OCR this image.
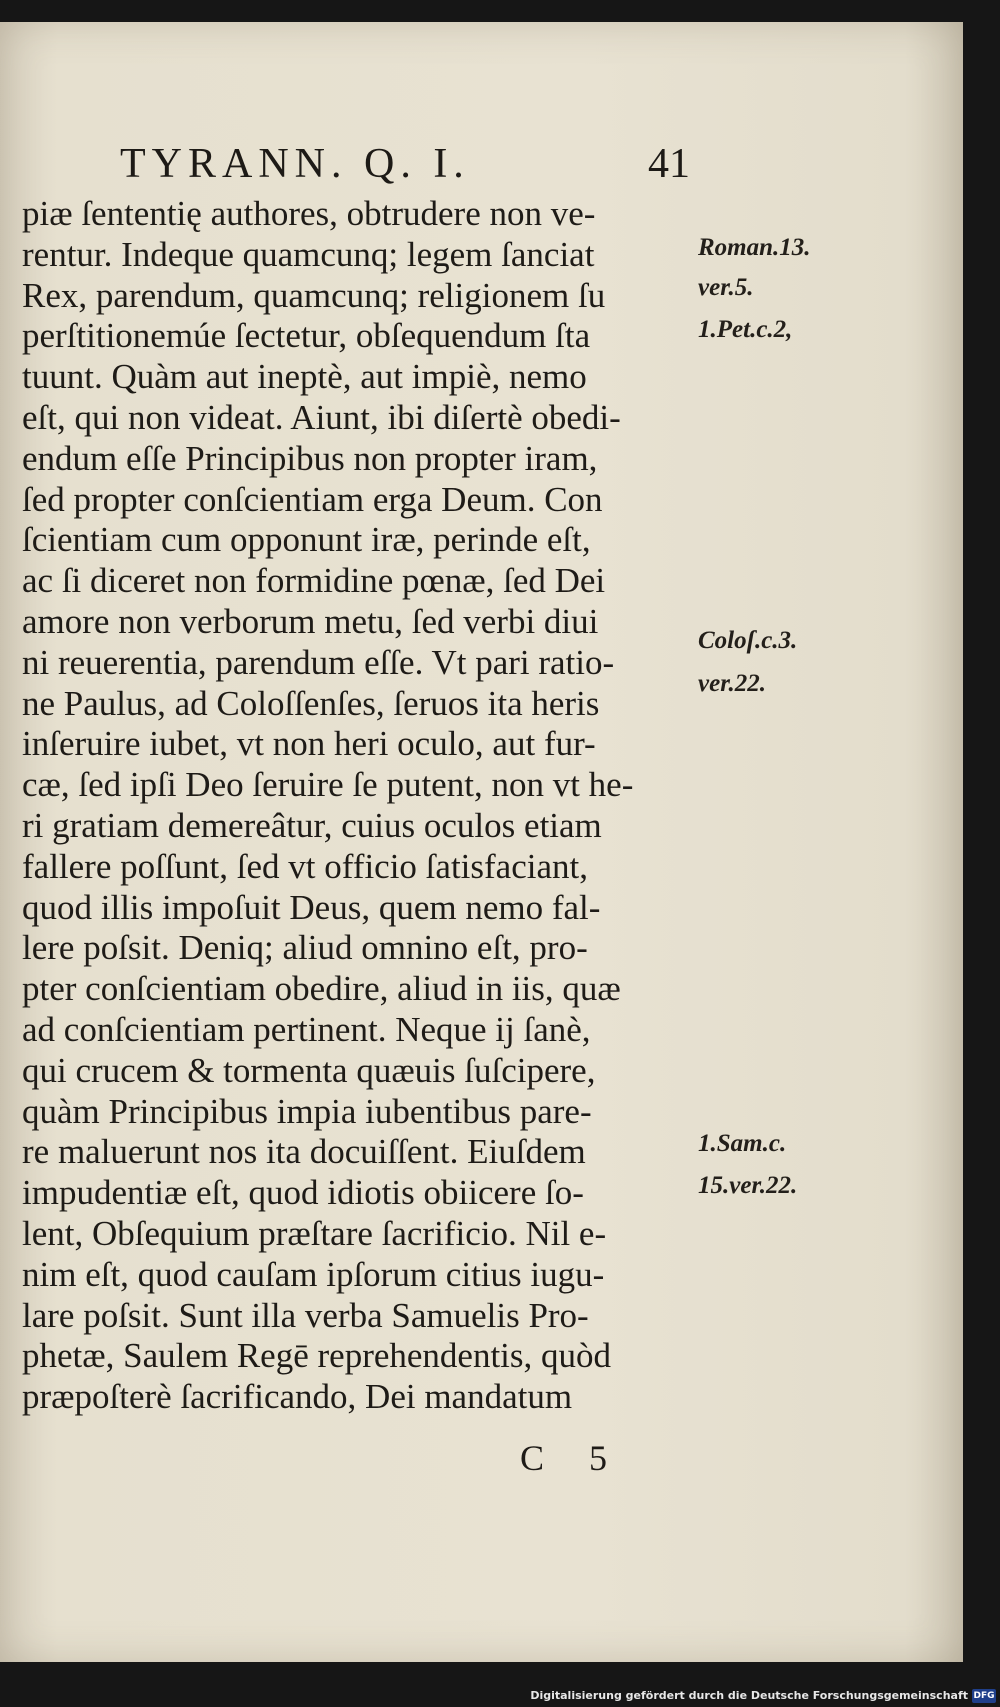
TYRANN. Q. I.	41
piæ ſententię authores, obtrudere non ve-
rentur. Indeque quamcunq; legem ſanciat
Rex, parendum, quamcunq; religionem ſu
perſtitionemúe ſectetur, obſequendum ſta
tuunt. Quàm aut ineptè, aut impiè, nemo
eſt, qui non videat. Aiunt, ibi diſertè obedi-
endum eſſe Principibus non propter iram,
ſed propter conſcientiam erga Deum. Con
ſcientiam cum opponunt iræ, perinde eſt,
ac ſi diceret non formidine pœnæ, ſed Dei
amore non verborum metu, ſed verbi diui
ni reuerentia, parendum eſſe. Vt pari ratio-
ne Paulus, ad Coloſſenſes, ſeruos ita heris
inſeruire iubet, vt non heri oculo, aut fur-
cæ, ſed ipſi Deo ſeruire ſe putent, non vt he-
ri gratiam demereâtur, cuius oculos etiam
fallere poſſunt, ſed vt officio ſatisfaciant,
quod illis impoſuit Deus, quem nemo fal-
lere poſsit. Deniq; aliud omnino eſt, pro-
pter conſcientiam obedire, aliud in iis, quæ
ad conſcientiam pertinent. Neque ij ſanè,
qui crucem & tormenta quæuis ſuſcipere,
quàm Principibus impia iubentibus pare-
re maluerunt nos ita docuiſſent. Eiuſdem
impudentiæ eſt, quod idiotis obiicere ſo-
lent, Obſequium præſtare ſacrificio. Nil e-
nim eſt, quod cauſam ipſorum citius iugu-
lare poſsit. Sunt illa verba Samuelis Pro-
phetæ, Saulem Regē reprehendentis, quòd
præpoſterè ſacrificando, Dei mandatum
Roman.13.
ver.5.
1.Pet.c.2,
Coloſ.c.3.
ver.22.
1.Sam.c.
15.ver.22.
C 5
Digitalisierung gefördert durch die Deutsche Forschungsgemeinschaft DFG
